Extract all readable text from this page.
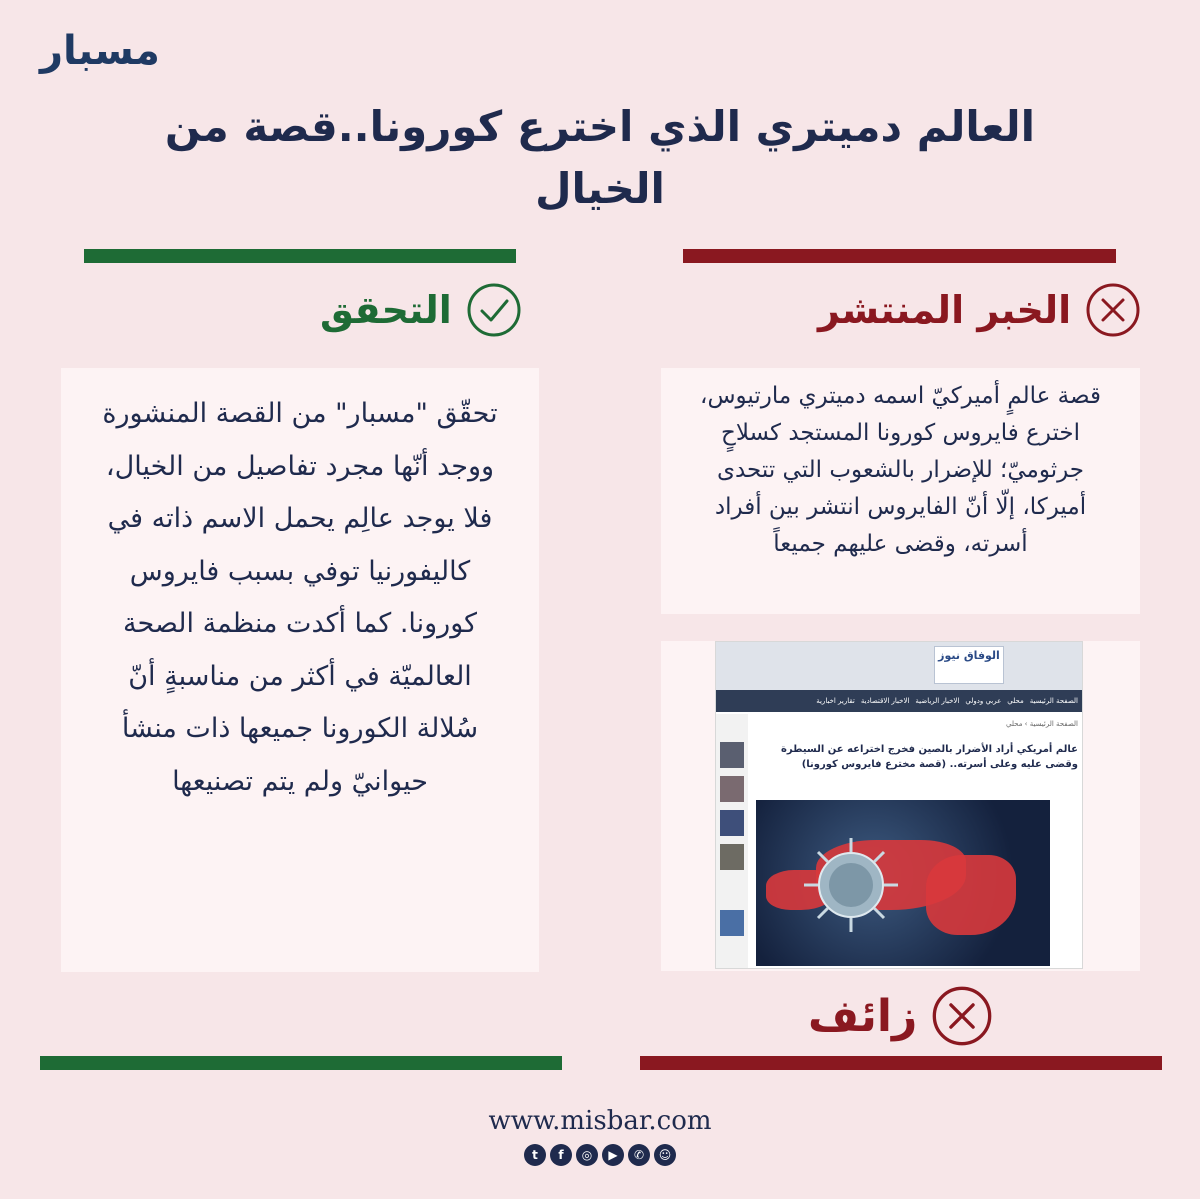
مسبار
العالم دميتري الذي اخترع كورونا..قصة من الخيال
التحقق	الخبر المنتشر

تحقّق "مسبار" من القصة المنشورة ووجد أنّها مجرد تفاصيل من الخيال، فلا يوجد عالِم يحمل الاسم ذاته في كاليفورنيا توفي بسبب فايروس كورونا. كما أكدت منظمة الصحة العالميّة في أكثر من مناسبةٍ أنّ سُلالة الكورونا جميعها ذات منشأ حيوانيّ ولم يتم تصنيعها

قصة عالمٍ أميركيّ اسمه دميتري مارتيوس، اخترع فايروس كورونا المستجد كسلاحٍ جرثوميّ؛ للإضرار بالشعوب التي تتحدى أميركا، إلّا أنّ الفايروس انتشر بين أفراد أسرته، وقضى عليهم جميعاً

الوفاق نيوز
الصفحة الرئيسية
محلي
عربي ودولي
الاخبار الرياضية
الاخبار الاقتصادية
تقارير اخبارية
الصفحة الرئيسية › محلي
عالم أمريكي أراد الأضرار بالصين فخرج اختراعه عن السيطرة وقضى عليه وعلى أسرته.. (قصة مخترع فايروس كورونا)
زائف
www.misbar.com
t	f	◎	▶	✆	☺
